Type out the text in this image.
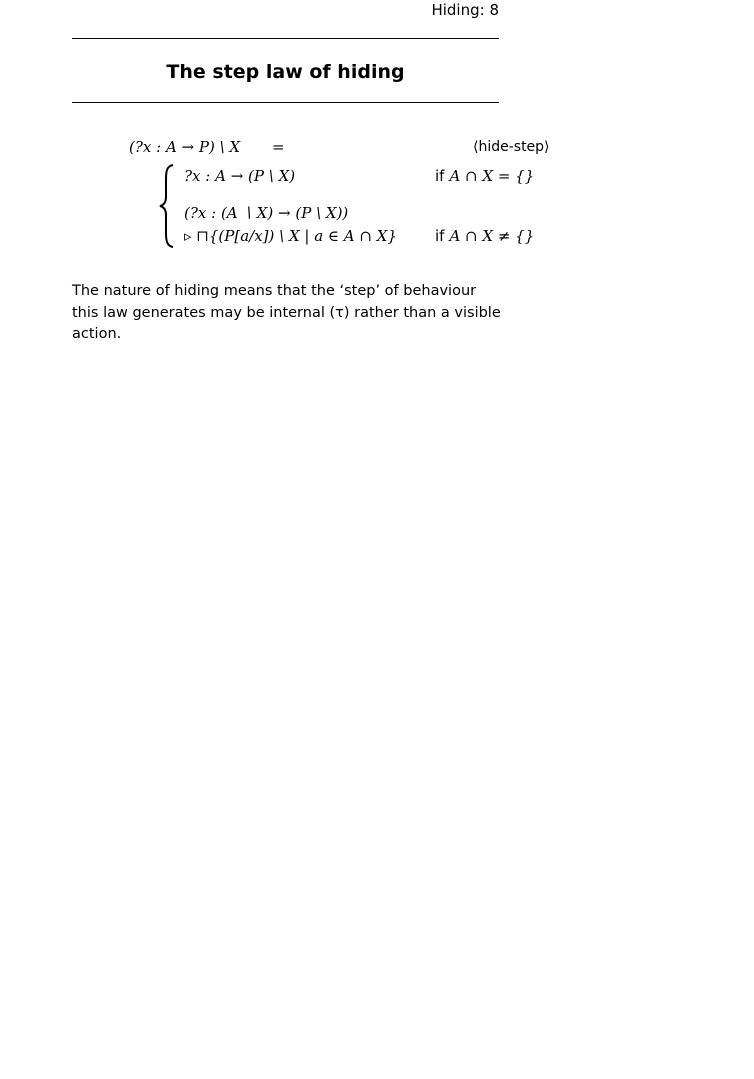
Hiding: 8
The step law of hiding
(?x : A → P) \ X =	⟨hide-step⟩
?x : A → (P \ X)	if A ∩ X = {}
(?x : (A ∖ X) → (P \ X))
▹ ⊓{(P[a/x]) \ X | a ∈ A ∩ X}	if A ∩ X ≠ {}
The nature of hiding means that the ‘step’ of behaviour this law generates may be internal (τ) rather than a visible action.
